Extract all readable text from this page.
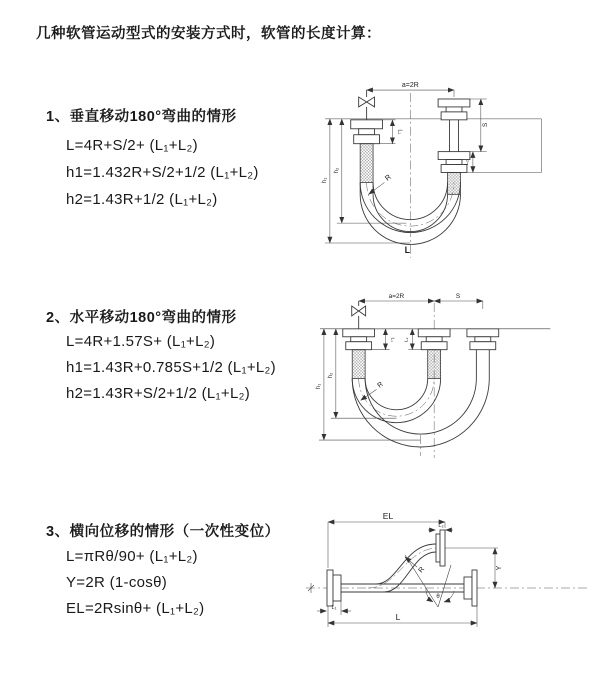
几种软管运动型式的安装方式时，软管的长度计算：
1、垂直移动180°弯曲的情形
L=4R+S/2+ (L₁+L₂)
h1=1.432R+S/2+1/2 (L₁+L₂)
h2=1.43R+1/2 (L₁+L₂)
2、水平移动180°弯曲的情形
L=4R+1.57S+ (L₁+L₂)
h1=1.43R+0.785S+1/2 (L₁+L₂)
h2=1.43R+S/2+1/2 (L₁+L₂)
3、横向位移的情形（一次性变位）
L=πRθ/90+ (L₁+L₂)
Y=2R (1-cosθ)
EL=2Rsinθ+ (L₁+L₂)
a=2R
L₁
S
L₂
h₁
h₂
R
L
a=2R	S
L₁ L₂
h₁
h₂
R
EL
L₂
Y
L
L₁
R
θ
